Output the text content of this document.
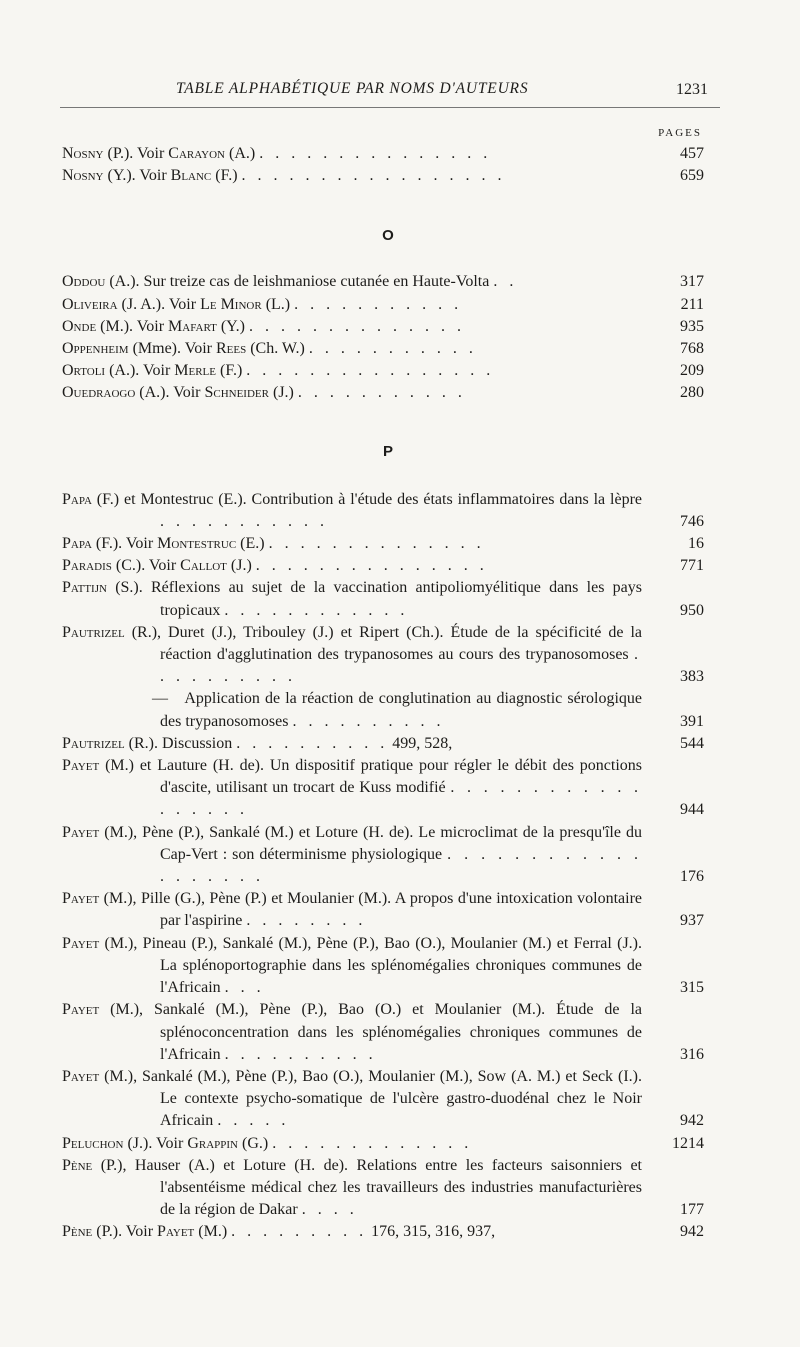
TABLE ALPHABÉTIQUE PAR NOMS D'AUTEURS	1231
PAGES
Nosny (P.). Voir Carayon (A.) . . . . . . . . . . . . . . .	457
Nosny (Y.). Voir Blanc (F.) . . . . . . . . . . . . . . . . .	659
O
Oddou (A.). Sur treize cas de leishmaniose cutanée en Haute-Volta . .	317
Oliveira (J. A.). Voir Le Minor (L.) . . . . . . . . . . .	211
Onde (M.). Voir Mafart (Y.) . . . . . . . . . . . . . .	935
Oppenheim (Mme). Voir Rees (Ch. W.) . . . . . . . . . . .	768
Ortoli (A.). Voir Merle (F.) . . . . . . . . . . . . . . . .	209
Ouedraogo (A.). Voir Schneider (J.) . . . . . . . . . . .	280
P
Papa (F.) et Montestruc (E.). Contribution à l'étude des états inflammatoires dans la lèpre . . . . . . . . . . .	746
Papa (F.). Voir Montestruc (E.) . . . . . . . . . . . . . .	16
Paradis (C.). Voir Callot (J.) . . . . . . . . . . . . . . .	771
Pattijn (S.). Réflexions au sujet de la vaccination antipoliomyélitique dans les pays tropicaux . . . . . . . . . . . .	950
Pautrizel (R.), Duret (J.), Tribouley (J.) et Ripert (Ch.). Étude de la spécificité de la réaction d'agglutination des trypanosomes au cours des trypanosomoses . . . . . . . . . .	383
— Application de la réaction de conglutination au diagnostic sérologique des trypanosomoses . . . . . . . . . .	391
Pautrizel (R.). Discussion . . . . . . . . . . 499, 528,	544
Payet (M.) et Lauture (H. de). Un dispositif pratique pour régler le débit des ponctions d'ascite, utilisant un trocart de Kuss modifié . . . . . . . . . . . . . . . . . .	944
Payet (M.), Pène (P.), Sankalé (M.) et Loture (H. de). Le microclimat de la presqu'île du Cap-Vert : son déterminisme physiologique . . . . . . . . . . . . . . . . . . .	176
Payet (M.), Pille (G.), Pène (P.) et Moulanier (M.). A propos d'une intoxication volontaire par l'aspirine . . . . . . . .	937
Payet (M.), Pineau (P.), Sankalé (M.), Pène (P.), Bao (O.), Moulanier (M.) et Ferral (J.). La splénoportographie dans les splénomégalies chroniques communes de l'Africain . . .	315
Payet (M.), Sankalé (M.), Pène (P.), Bao (O.) et Moulanier (M.). Étude de la splénoconcentration dans les splénomégalies chroniques communes de l'Africain . . . . . . . . . .	316
Payet (M.), Sankalé (M.), Pène (P.), Bao (O.), Moulanier (M.), Sow (A. M.) et Seck (I.). Le contexte psycho-somatique de l'ulcère gastro-duodénal chez le Noir Africain . . . . .	942
Peluchon (J.). Voir Grappin (G.) . . . . . . . . . . . . .	1214
Pène (P.), Hauser (A.) et Loture (H. de). Relations entre les facteurs saisonniers et l'absentéisme médical chez les travailleurs des industries manufacturières de la région de Dakar . . . .	177
Pène (P.). Voir Payet (M.) . . . . . . . . . 176, 315, 316, 937,	942
